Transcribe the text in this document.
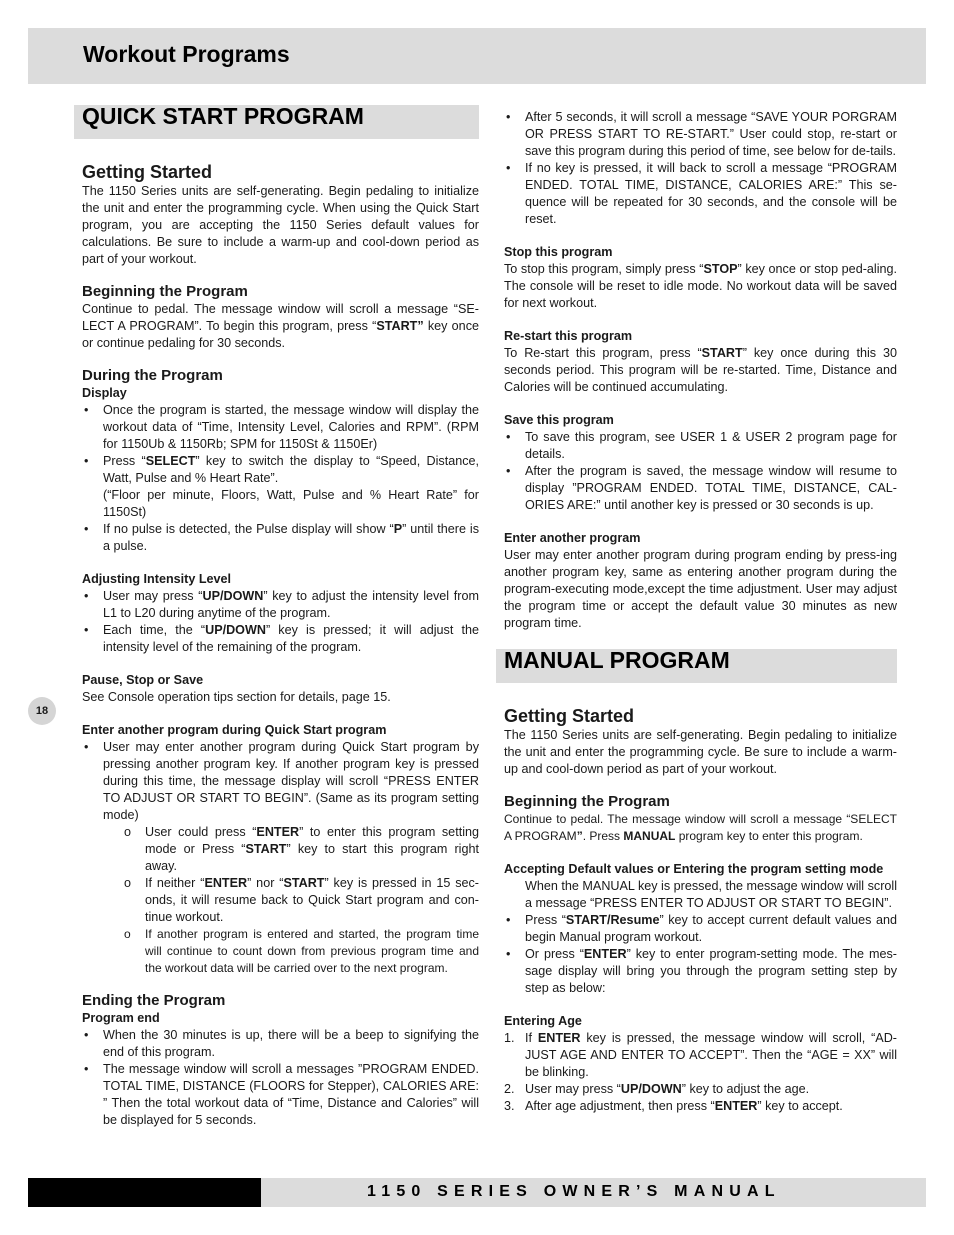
Workout Programs
QUICK START PROGRAM
Getting Started

The 1150 Series units are self-generating. Begin pedaling to initialize the unit and enter the programming cycle. When using the Quick Start program, you are accepting the 1150 Series default values for calculations. Be sure to include a warm-up and cool-down period as part of your workout.

Beginning the Program

Continue to pedal. The message window will scroll a message “SE-LECT A PROGRAM”. To begin this program, press “START” key once or continue pedaling for 30 seconds.

During the Program
Display
• Once the program is started, the message window will display the workout data of “Time, Intensity Level, Calories and RPM”. (RPM for 1150Ub & 1150Rb; SPM for 1150St & 1150Er)
• Press “SELECT” key to switch the display to “Speed, Distance, Watt, Pulse and % Heart Rate”.
(“Floor per minute, Floors, Watt, Pulse and % Heart Rate” for 1150St)
• If no pulse is detected, the Pulse display will show “P” until there is a pulse.
Adjusting Intensity Level
• User may press “UP/DOWN” key to adjust the intensity level from L1 to L20 during anytime of the program.
• Each time, the “UP/DOWN” key is pressed; it will adjust the intensity level of the remaining of the program.
Pause, Stop or Save

See Console operation tips section for details, page 15.

Enter another program during Quick Start program
• User may enter another program during Quick Start program by pressing another program key. If another program key is pressed during this time, the message display will scroll “PRESS ENTER TO ADJUST OR START TO BEGIN”. (Same as its program setting mode)
o User could press “ENTER” to enter this program setting mode or Press “START” key to start this program right away.
o If neither “ENTER” nor “START” key is pressed in 15 sec-onds, it will resume back to Quick Start program and con-tinue workout.
o If another program is entered and started, the program time will continue to count down from previous program time and the workout data will be carried over to the next program.
Ending the Program
Program end
• When the 30 minutes is up, there will be a beep to signifying the end of this program.
• The message window will scroll a messages ”PROGRAM ENDED. TOTAL TIME, DISTANCE (FLOORS for Stepper), CALORIES ARE: ” Then the total workout data of “Time, Distance and Calories” will be displayed for 5 seconds.
• After 5 seconds, it will scroll a message “SAVE YOUR PORGRAM OR PRESS START TO RE-START.” User could stop, re-start or save this program during this period of time, see below for de-tails.
• If no key is pressed, it will back to scroll a message “PROGRAM ENDED. TOTAL TIME, DISTANCE, CALORIES ARE:” This se-quence will be repeated for 30 seconds, and the console will be reset.
Stop this program

To stop this program, simply press “STOP” key once or stop ped-aling. The console will be reset to idle mode. No workout data will be saved for next workout.

Re-start this program

To Re-start this program, press “START” key once during this 30 seconds period. This program will be re-started. Time, Distance and Calories will be continued accumulating.

Save this program
• To save this program, see USER 1 & USER 2 program page for details.
• After the program is saved, the message window will resume to display ”PROGRAM ENDED. TOTAL TIME, DISTANCE, CAL-ORIES ARE:” until another key is pressed or 30 seconds is up.
Enter another program

User may enter another program during program ending by press-ing another program key, same as entering another program during the program-executing mode,except the time adjustment. User may adjust the program time or accept the default value 30 minutes as new program time.

MANUAL PROGRAM
Getting Started

The 1150 Series units are self-generating. Begin pedaling to initialize the unit and enter the programming cycle. Be sure to include a warm-up and cool-down period as part of your workout.

Beginning the Program

Continue to pedal. The message window will scroll a message “SELECT A PROGRAM”. Press MANUAL program key to enter this program.

Accepting Default values or Entering the program setting mode

When the MANUAL key is pressed, the message window will scroll a message “PRESS ENTER TO ADJUST OR START TO BEGIN”.

• Press “START/Resume” key to accept current default values and begin Manual program workout.
• Or press “ENTER” key to enter program-setting mode. The mes-sage display will bring you through the program setting step by step as below:
Entering Age
1. If ENTER key is pressed, the message window will scroll, “AD-JUST AGE AND ENTER TO ACCEPT”. Then the “AGE = XX” will be blinking.
2. User may press “UP/DOWN” key to adjust the age.
3. After age adjustment, then press “ENTER” key to accept.
18
1150 SERIES OWNER’S MANUAL
